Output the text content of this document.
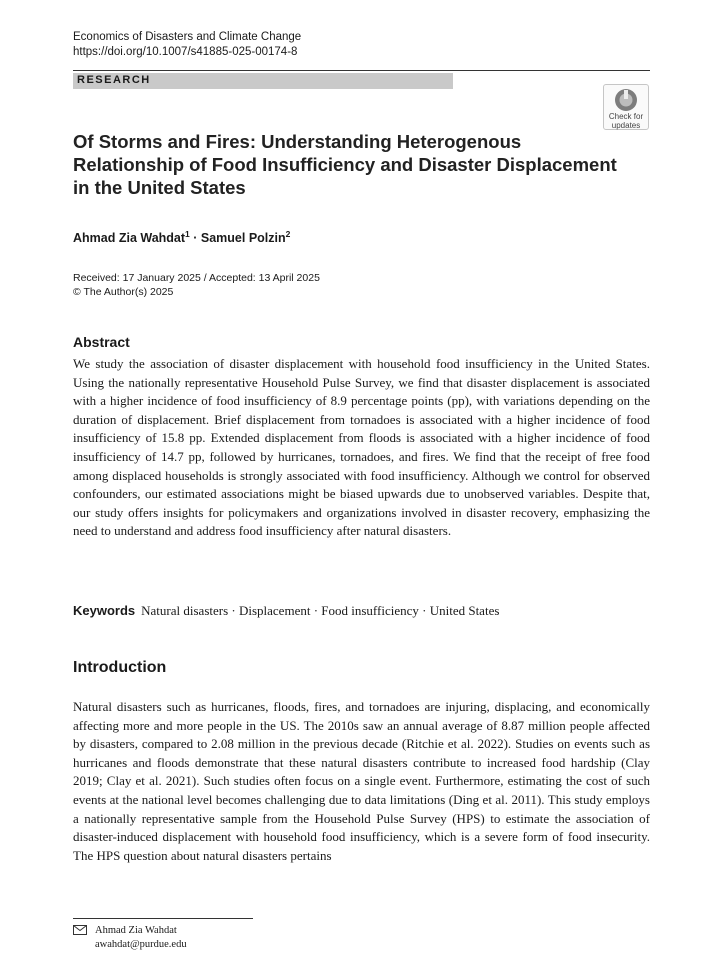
Economics of Disasters and Climate Change
https://doi.org/10.1007/s41885-025-00174-8
RESEARCH
Check for
updates
Of Storms and Fires: Understanding Heterogenous Relationship of Food Insufficiency and Disaster Displacement in the United States
Ahmad Zia Wahdat$^1$ · Samuel Polzin$^2$
Received: 17 January 2025 / Accepted: 13 April 2025
© The Author(s) 2025
Abstract

We study the association of disaster displacement with household food insufficiency in the United States. Using the nationally representative Household Pulse Survey, we find that disaster displacement is associated with a higher incidence of food insufficiency of 8.9 percentage points (pp), with variations depending on the duration of displacement. Brief displacement from tornadoes is associated with a higher incidence of food insufficiency of 15.8 pp. Extended displacement from floods is associated with a higher incidence of food insufficiency of 14.7 pp, followed by hurricanes, tornadoes, and fires. We find that the receipt of free food among displaced households is strongly associated with food insufficiency. Although we control for observed confounders, our estimated associations might be biased upwards due to unobserved variables. Despite that, our study offers insights for policymakers and organizations involved in disaster recovery, emphasizing the need to understand and address food insufficiency after natural disasters.

Keywords Natural disasters · Displacement · Food insufficiency · United States
Introduction

Natural disasters such as hurricanes, floods, fires, and tornadoes are injuring, displacing, and economically affecting more and more people in the US. The 2010s saw an annual average of 8.87 million people affected by disasters, compared to 2.08 million in the previous decade (Ritchie et al. 2022). Studies on events such as hurricanes and floods demonstrate that these natural disasters contribute to increased food hardship (Clay 2019; Clay et al. 2021). Such studies often focus on a single event. Furthermore, estimating the cost of such events at the national level becomes challenging due to data limitations (Ding et al. 2011). This study employs a nationally representative sample from the Household Pulse Survey (HPS) to estimate the association of disaster-induced displacement with household food insufficiency, which is a severe form of food insecurity. The HPS question about natural disasters pertains

Ahmad Zia Wahdat
awahdat@purdue.edu
